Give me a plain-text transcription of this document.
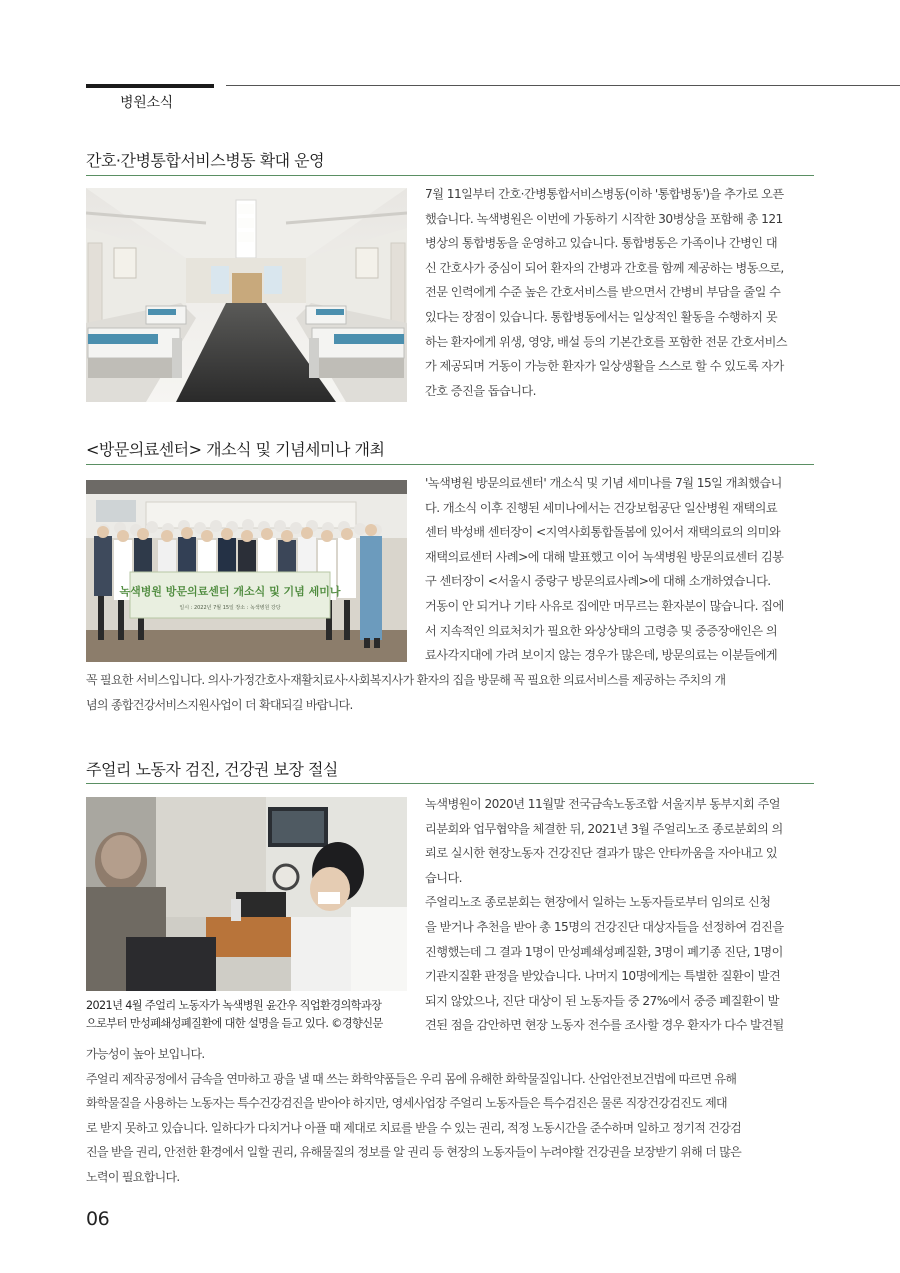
병원소식
간호·간병통합서비스병동 확대 운영
7월 11일부터 간호·간병통합서비스병동(이하 '통합병동')을 추가로 오픈
했습니다. 녹색병원은 이번에 가동하기 시작한 30병상을 포함해 총 121
병상의 통합병동을 운영하고 있습니다. 통합병동은 가족이나 간병인 대
신 간호사가 중심이 되어 환자의 간병과 간호를 함께 제공하는 병동으로,
전문 인력에게 수준 높은 간호서비스를 받으면서 간병비 부담을 줄일 수
있다는 장점이 있습니다. 통합병동에서는 일상적인 활동을 수행하지 못
하는 환자에게 위생, 영양, 배설 등의 기본간호를 포함한 전문 간호서비스
가 제공되며 거동이 가능한 환자가 일상생활을 스스로 할 수 있도록 자가
간호 증진을 돕습니다.
<방문의료센터> 개소식 및 기념세미나 개최
녹색병원 방문의료센터 개소식 및 기념 세미나
일시 : 2022년 7월 15일 장소 : 녹색병원 강당
'녹색병원 방문의료센터' 개소식 및 기념 세미나를 7월 15일 개최했습니
다. 개소식 이후 진행된 세미나에서는 건강보험공단 일산병원 재택의료
센터 박성배 센터장이 <지역사회통합돌봄에 있어서 재택의료의 의미와
재택의료센터 사례>에 대해 발표했고 이어 녹색병원 방문의료센터 김봉
구 센터장이 <서울시 중랑구 방문의료사례>에 대해 소개하였습니다.
거동이 안 되거나 기타 사유로 집에만 머무르는 환자분이 많습니다. 집에
서 지속적인 의료처치가 필요한 와상상태의 고령층 및 중증장애인은 의
료사각지대에 가려 보이지 않는 경우가 많은데, 방문의료는 이분들에게
꼭 필요한 서비스입니다. 의사·가정간호사·재활치료사·사회복지사가 환자의 집을 방문해 꼭 필요한 의료서비스를 제공하는 주치의 개
념의 종합건강서비스지원사업이 더 확대되길 바랍니다.
주얼리 노동자 검진, 건강권 보장 절실
2021년 4월 주얼리 노동자가 녹색병원 윤간우 직업환경의학과장
으로부터 만성폐쇄성폐질환에 대한 설명을 듣고 있다. ©경향신문
녹색병원이 2020년 11월말 전국금속노동조합 서울지부 동부지회 주얼
리분회와 업무협약을 체결한 뒤, 2021년 3월 주얼리노조 종로분회의 의
뢰로 실시한 현장노동자 건강진단 결과가 많은 안타까움을 자아내고 있
습니다.
주얼리노조 종로분회는 현장에서 일하는 노동자들로부터 임의로 신청
을 받거나 추천을 받아 총 15명의 건강진단 대상자들을 선정하여 검진을
진행했는데 그 결과 1명이 만성폐쇄성폐질환, 3명이 폐기종 진단, 1명이
기관지질환 판정을 받았습니다. 나머지 10명에게는 특별한 질환이 발견
되지 않았으나, 진단 대상이 된 노동자들 중 27%에서 중증 폐질환이 발
견된 점을 감안하면 현장 노동자 전수를 조사할 경우 환자가 다수 발견될
가능성이 높아 보입니다.
주얼리 제작공정에서 금속을 연마하고 광을 낼 때 쓰는 화학약품들은 우리 몸에 유해한 화학물질입니다. 산업안전보건법에 따르면 유해
화학물질을 사용하는 노동자는 특수건강검진을 받아야 하지만, 영세사업장 주얼리 노동자들은 특수검진은 물론 직장건강검진도 제대
로 받지 못하고 있습니다. 일하다가 다치거나 아플 때 제대로 치료를 받을 수 있는 권리, 적정 노동시간을 준수하며 일하고 정기적 건강검
진을 받을 권리, 안전한 환경에서 일할 권리, 유해물질의 정보를 알 권리 등 현장의 노동자들이 누려야할 건강권을 보장받기 위해 더 많은
노력이 필요합니다.
06
